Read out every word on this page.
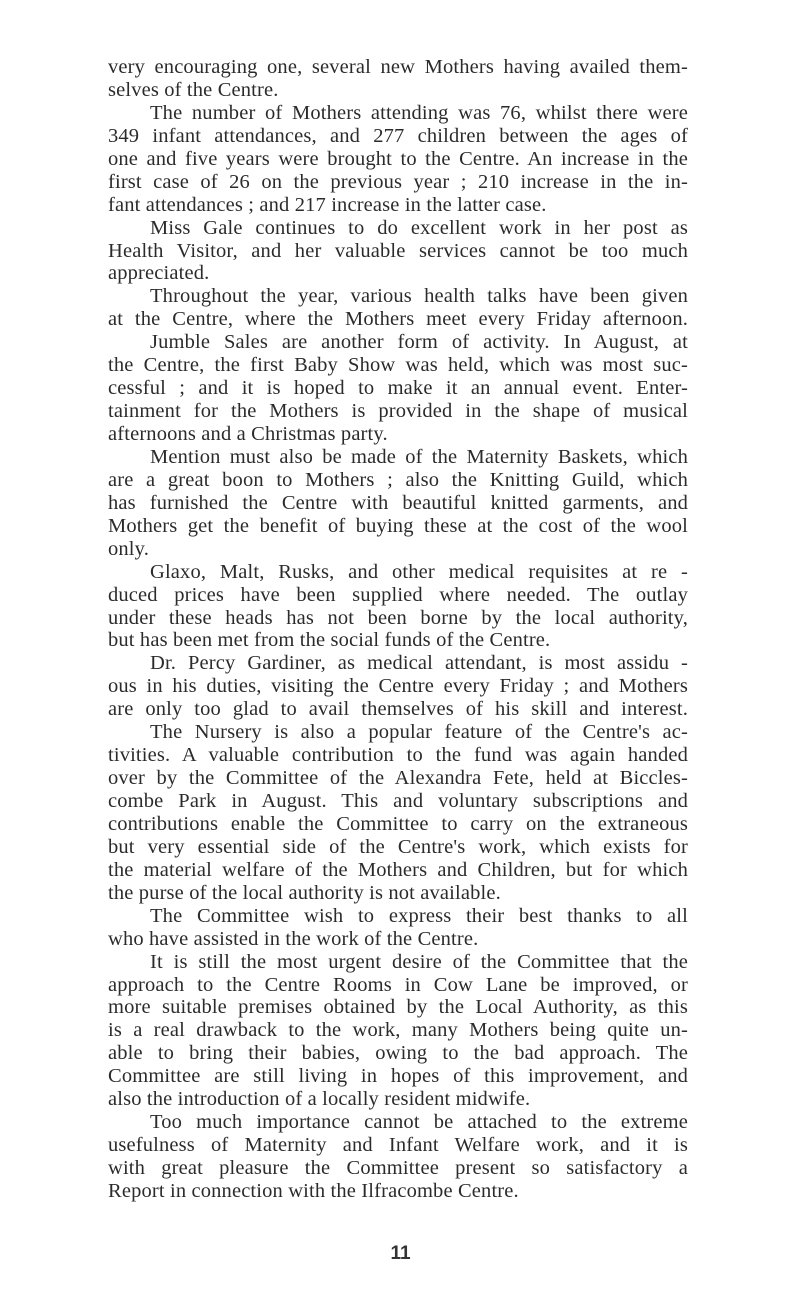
very encouraging one, several new Mothers having availed them-
selves of the Centre.
The number of Mothers attending was 76, whilst there were
349 infant attendances, and 277 children between the ages of
one and five years were brought to the Centre. An increase in the
first case of 26 on the previous year ; 210 increase in the in-
fant attendances ; and 217 increase in the latter case.
Miss Gale continues to do excellent work in her post as
Health Visitor, and her valuable services cannot be too much
appreciated.
Throughout the year, various health talks have been given
at the Centre, where the Mothers meet every Friday afternoon.
Jumble Sales are another form of activity. In August, at
the Centre, the first Baby Show was held, which was most suc-
cessful ; and it is hoped to make it an annual event. Enter-
tainment for the Mothers is provided in the shape of musical
afternoons and a Christmas party.
Mention must also be made of the Maternity Baskets, which
are a great boon to Mothers ; also the Knitting Guild, which
has furnished the Centre with beautiful knitted garments, and
Mothers get the benefit of buying these at the cost of the wool
only.
Glaxo, Malt, Rusks, and other medical requisites at re -
duced prices have been supplied where needed. The outlay
under these heads has not been borne by the local authority,
but has been met from the social funds of the Centre.
Dr. Percy Gardiner, as medical attendant, is most assidu -
ous in his duties, visiting the Centre every Friday ; and Mothers
are only too glad to avail themselves of his skill and interest.
The Nursery is also a popular feature of the Centre's ac-
tivities. A valuable contribution to the fund was again handed
over by the Committee of the Alexandra Fete, held at Biccles-
combe Park in August. This and voluntary subscriptions and
contributions enable the Committee to carry on the extraneous
but very essential side of the Centre's work, which exists for
the material welfare of the Mothers and Children, but for which
the purse of the local authority is not available.
The Committee wish to express their best thanks to all
who have assisted in the work of the Centre.
It is still the most urgent desire of the Committee that the
approach to the Centre Rooms in Cow Lane be improved, or
more suitable premises obtained by the Local Authority, as this
is a real drawback to the work, many Mothers being quite un-
able to bring their babies, owing to the bad approach. The
Committee are still living in hopes of this improvement, and
also the introduction of a locally resident midwife.
Too much importance cannot be attached to the extreme
usefulness of Maternity and Infant Welfare work, and it is
with great pleasure the Committee present so satisfactory a
Report in connection with the Ilfracombe Centre.
11
